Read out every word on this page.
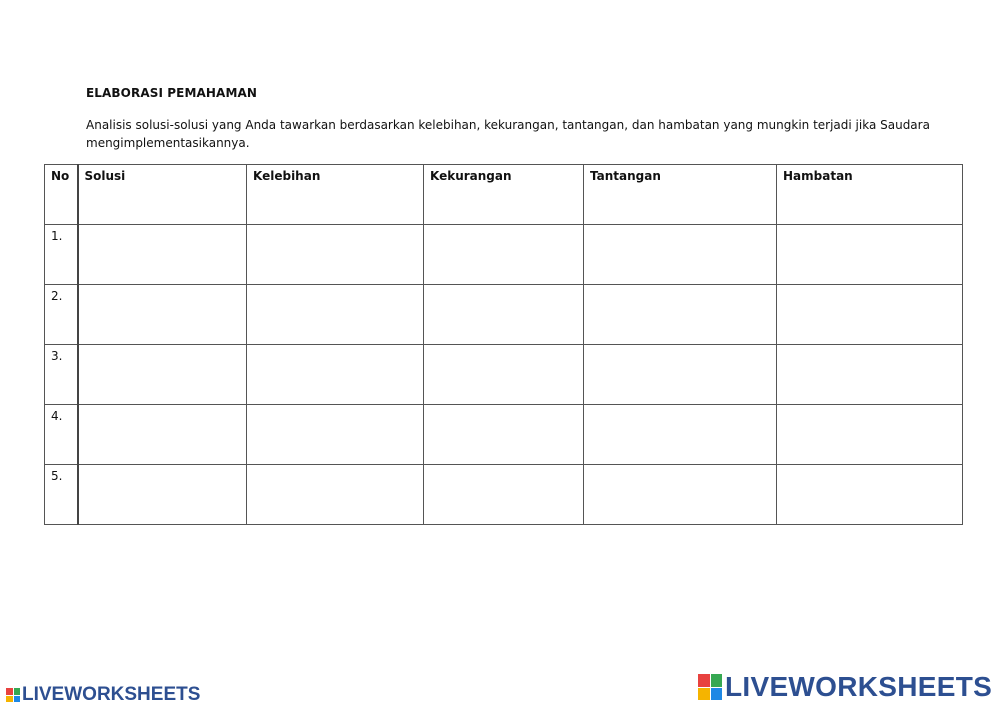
ELABORASI PEMAHAMAN
Analisis solusi-solusi yang Anda tawarkan berdasarkan kelebihan, kekurangan, tantangan, dan hambatan yang mungkin terjadi jika Saudara mengimplementasikannya.
No	Solusi	Kelebihan	Kekurangan	Tantangan	Hambatan
1.					
2.					
3.					
4.					
5.					
LIVEWORKSHEETS	LIVEWORKSHEETS
